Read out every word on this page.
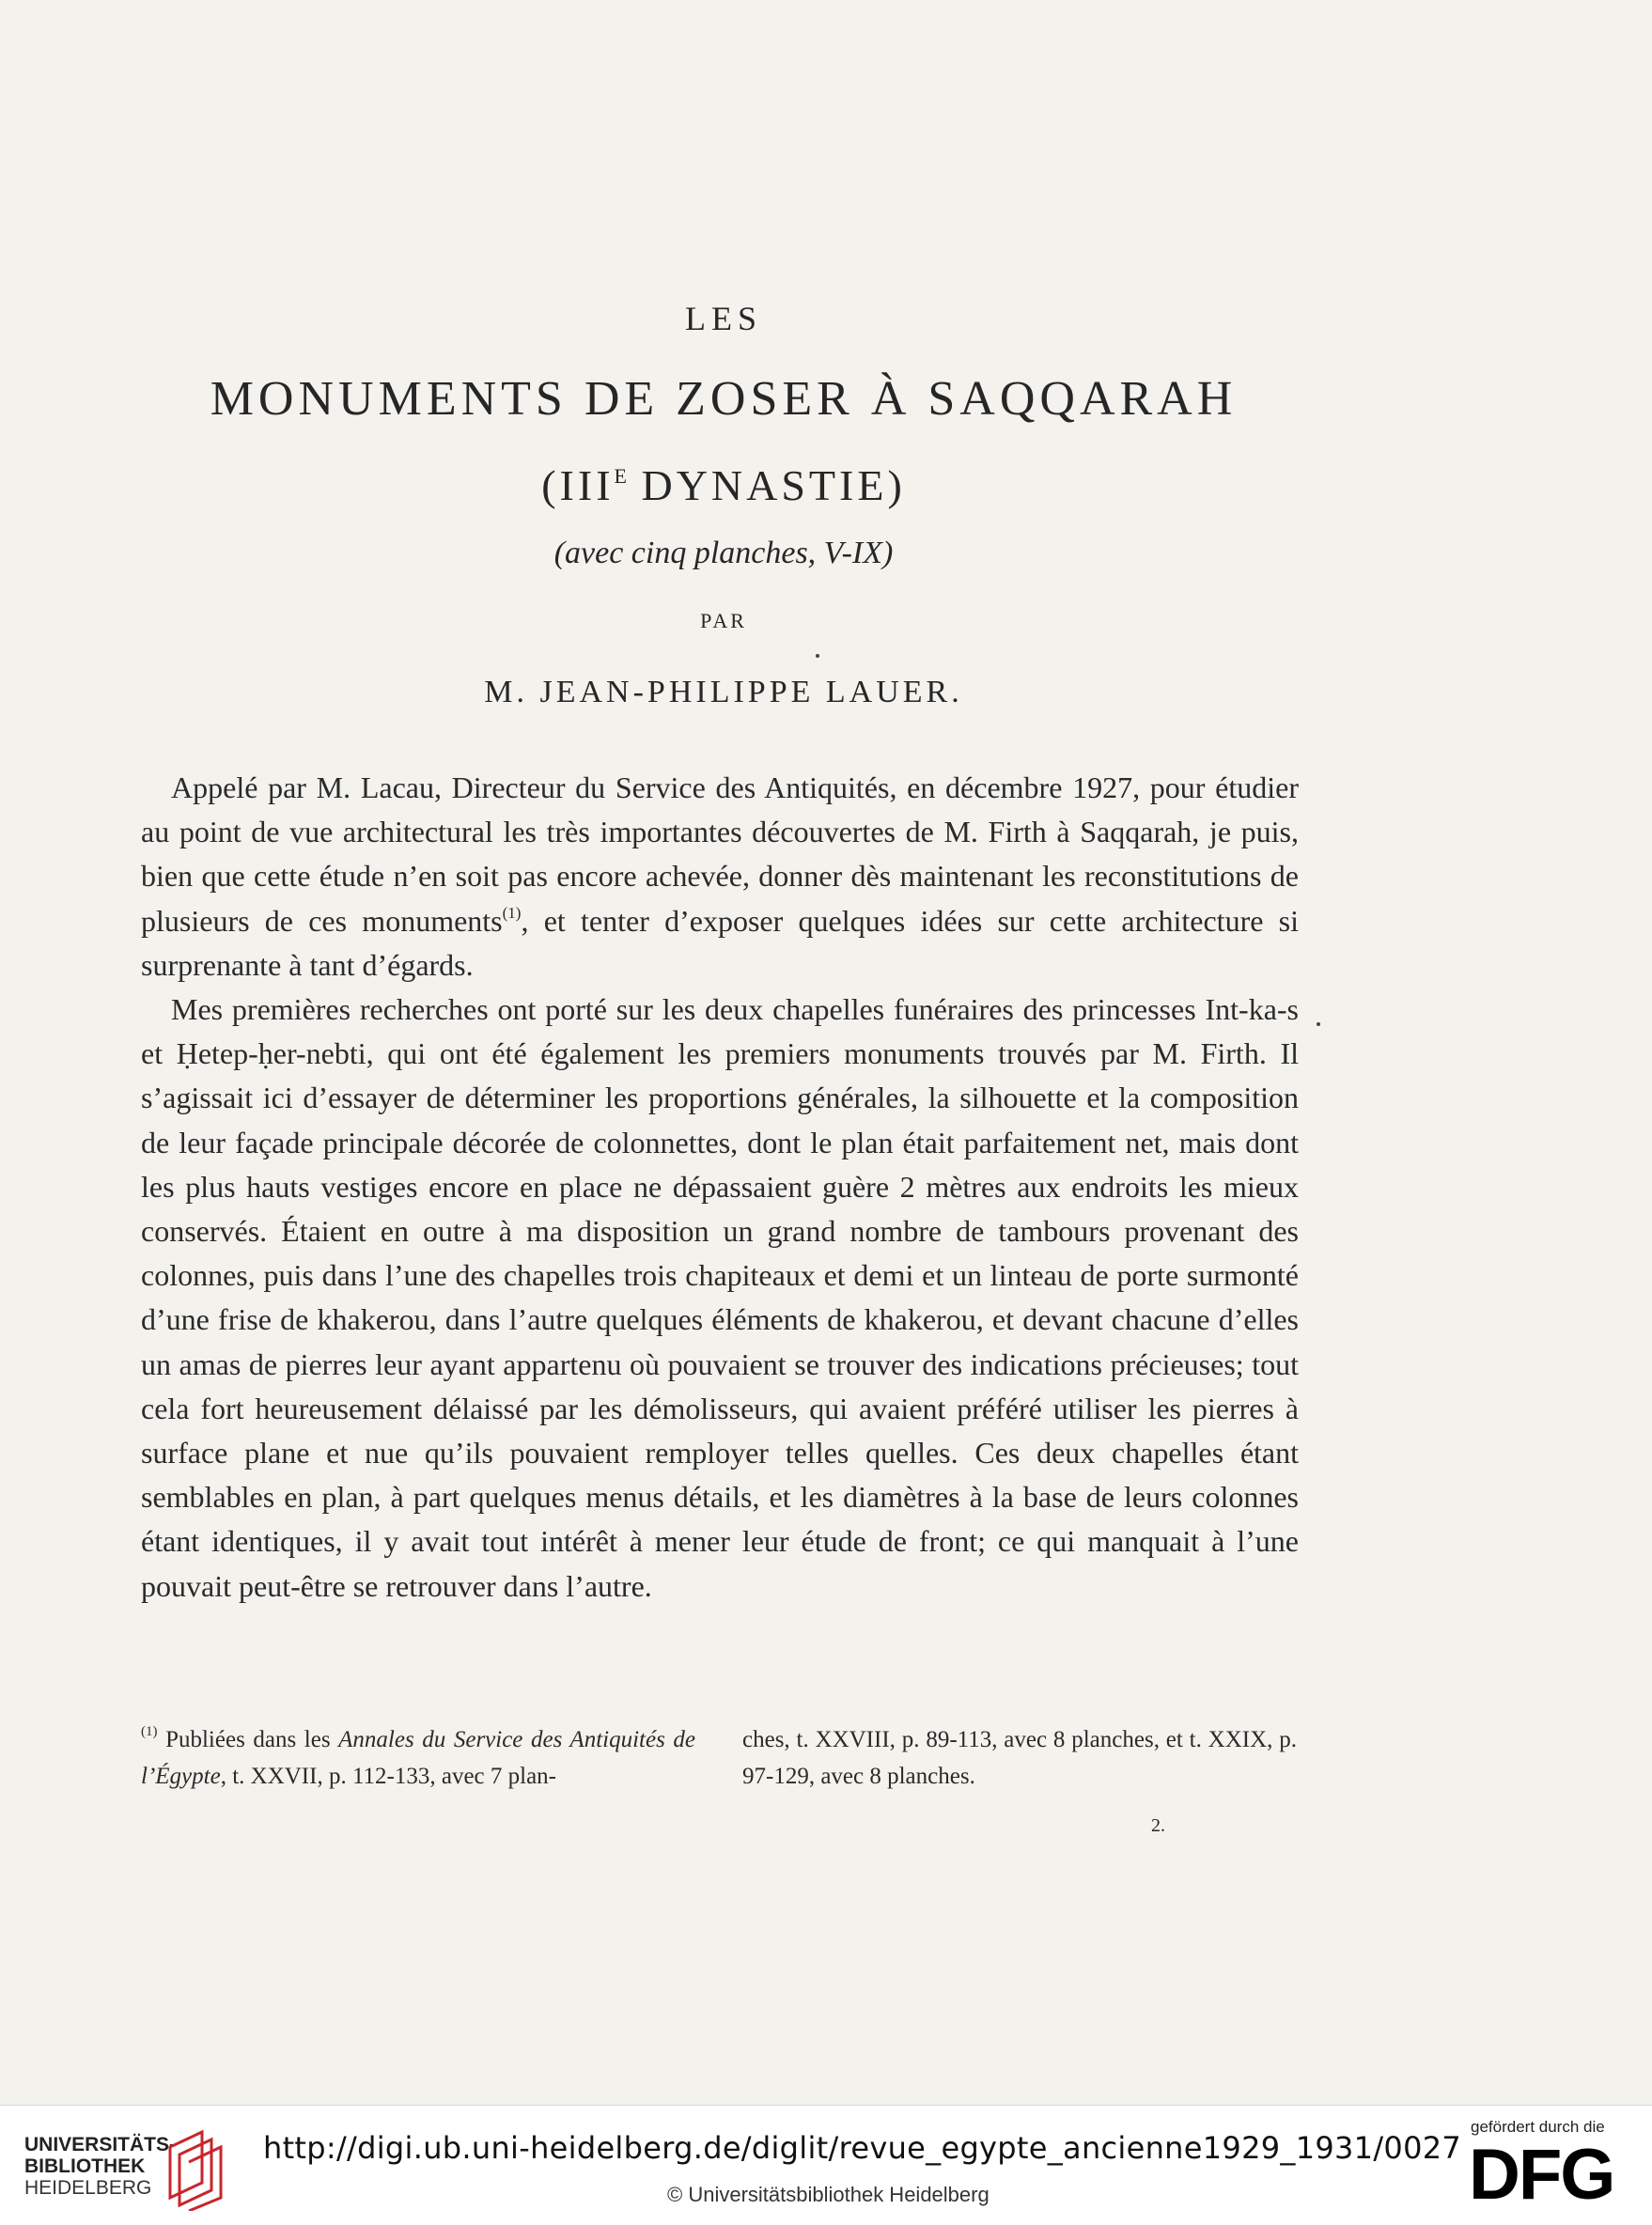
LES
MONUMENTS DE ZOSER À SAQQARAH
($III^E$ DYNASTIE)
(avec cinq planches, V-IX)
PAR
M. JEAN-PHILIPPE LAUER.

Appelé par M. Lacau, Directeur du Service des Antiquités, en décembre 1927, pour étudier au point de vue architectural les très importantes découvertes de M. Firth à Saqqarah, je puis, bien que cette étude n’en soit pas encore achevée, donner dès maintenant les reconstitutions de plusieurs de ces monuments$^{(1)}$, et tenter d’exposer quelques idées sur cette architecture si surprenante à tant d’égards.

Mes premières recherches ont porté sur les deux chapelles funéraires des princesses Int-ka-s et Ḥetep-ḥer-nebti, qui ont été également les premiers monuments trouvés par M. Firth. Il s’agissait ici d’essayer de déterminer les proportions générales, la silhouette et la composition de leur façade principale décorée de colonnettes, dont le plan était parfaitement net, mais dont les plus hauts vestiges encore en place ne dépassaient guère 2 mètres aux endroits les mieux conservés. Étaient en outre à ma disposition un grand nombre de tambours provenant des colonnes, puis dans l’une des chapelles trois chapiteaux et demi et un linteau de porte surmonté d’une frise de khakerou, dans l’autre quelques éléments de khakerou, et devant chacune d’elles un amas de pierres leur ayant appartenu où pouvaient se trouver des indications précieuses; tout cela fort heureusement délaissé par les démolisseurs, qui avaient préféré utiliser les pierres à surface plane et nue qu’ils pouvaient remployer telles quelles. Ces deux chapelles étant semblables en plan, à part quelques menus détails, et les diamètres à la base de leurs colonnes étant identiques, il y avait tout intérêt à mener leur étude de front; ce qui manquait à l’une pouvait peut-être se retrouver dans l’autre.

$^{(1)}$ Publiées dans les Annales du Service des Antiquités de l’Égypte, t. XXVII, p. 112-133, avec 7 plan-
ches, t. XXVIII, p. 89-113, avec 8 planches, et t. XXIX, p. 97-129, avec 8 planches.
2.
UNIVERSITÄTS-
BIBLIOTHEK
HEIDELBERG
http://digi.ub.uni-heidelberg.de/diglit/revue_egypte_ancienne1929_1931/0027
© Universitätsbibliothek Heidelberg
gefördert durch die
DFG
